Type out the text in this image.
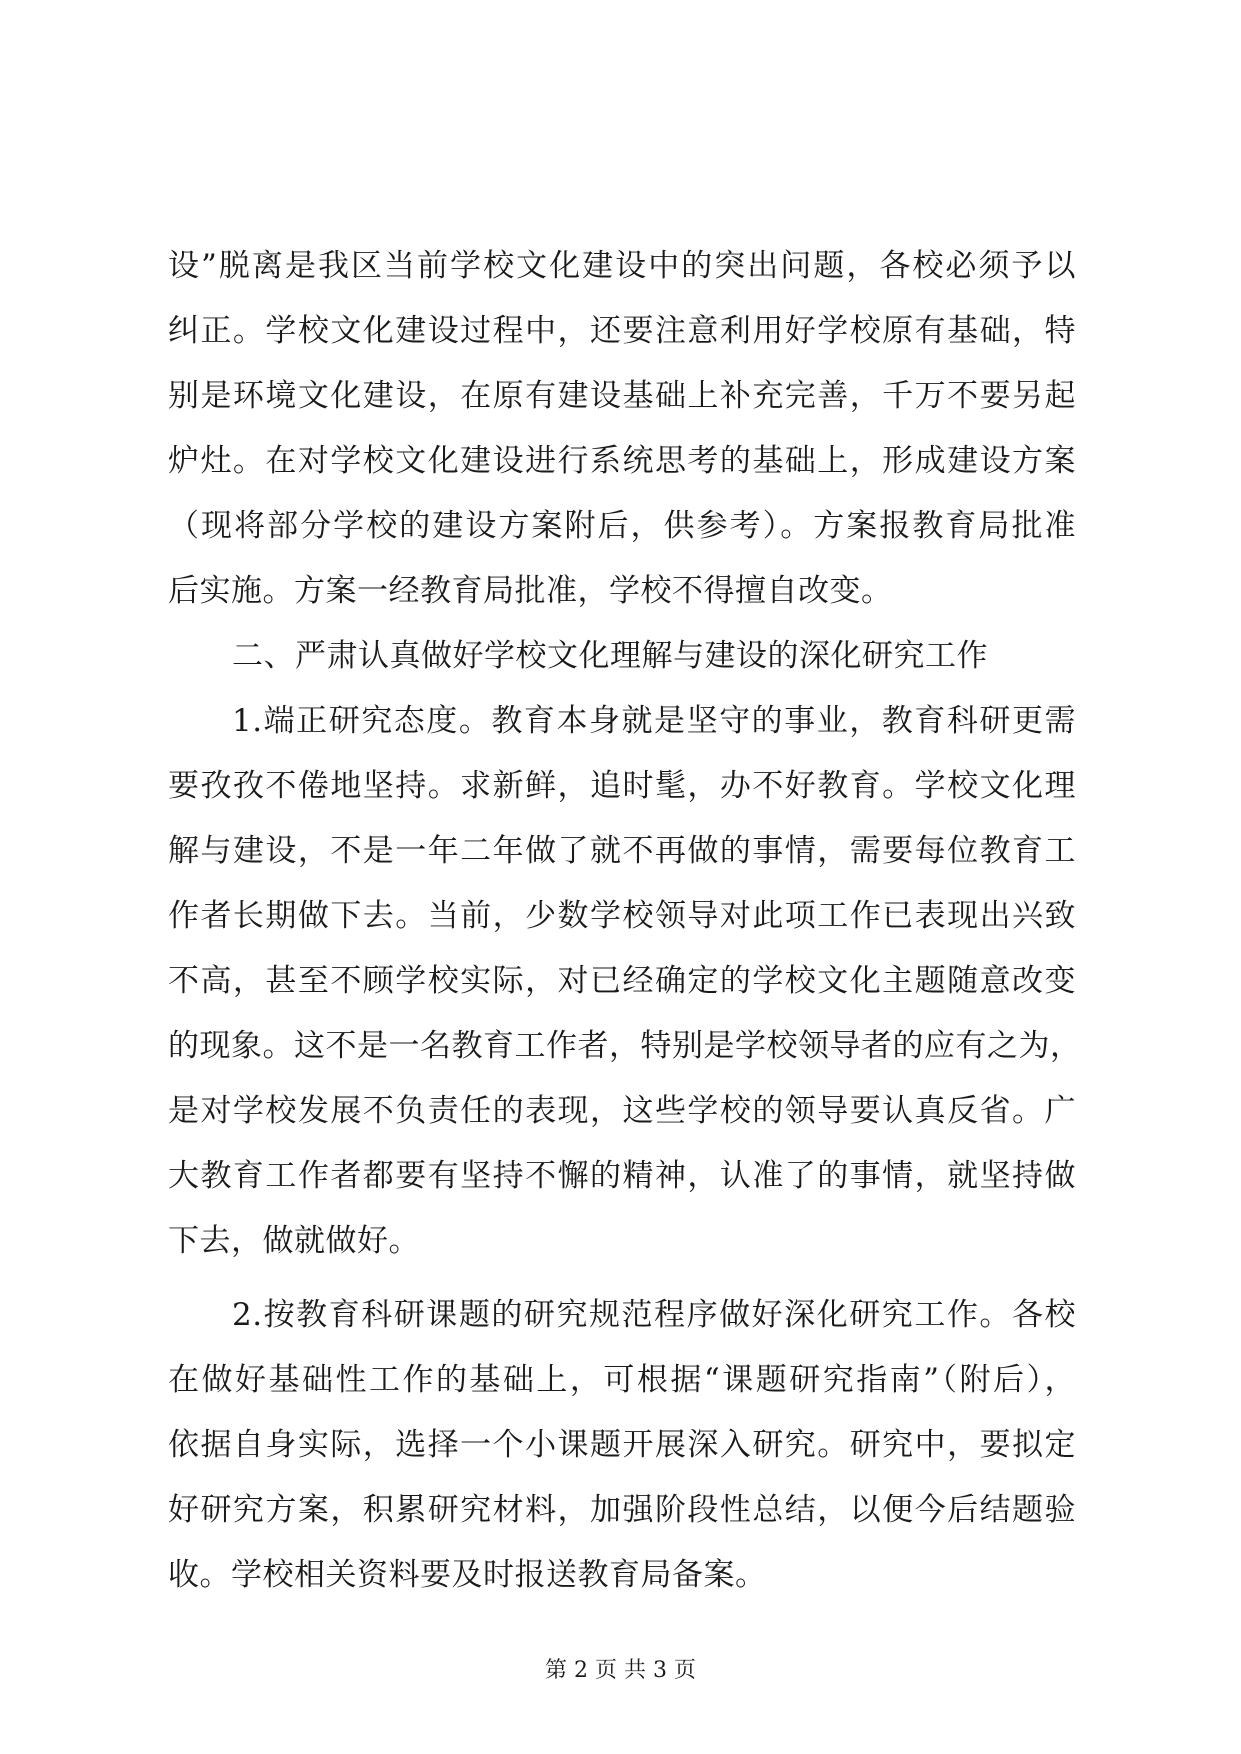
设”脱离是我区当前学校文化建设中的突出问题，各校必须予以
纠正。学校文化建设过程中，还要注意利用好学校原有基础，特
别是环境文化建设，在原有建设基础上补充完善，千万不要另起
炉灶。在对学校文化建设进行系统思考的基础上，形成建设方案
（现将部分学校的建设方案附后，供参考）。方案报教育局批准
后实施。方案一经教育局批准，学校不得擅自改变。
二、严肃认真做好学校文化理解与建设的深化研究工作
1.端正研究态度。教育本身就是坚守的事业，教育科研更需
要孜孜不倦地坚持。求新鲜，追时髦，办不好教育。学校文化理
解与建设，不是一年二年做了就不再做的事情，需要每位教育工
作者长期做下去。当前，少数学校领导对此项工作已表现出兴致
不高，甚至不顾学校实际，对已经确定的学校文化主题随意改变
的现象。这不是一名教育工作者，特别是学校领导者的应有之为，
是对学校发展不负责任的表现，这些学校的领导要认真反省。广
大教育工作者都要有坚持不懈的精神，认准了的事情，就坚持做
下去，做就做好。
2.按教育科研课题的研究规范程序做好深化研究工作。各校
在做好基础性工作的基础上，可根据“课题研究指南”（附后），
依据自身实际，选择一个小课题开展深入研究。研究中，要拟定
好研究方案，积累研究材料，加强阶段性总结，以便今后结题验
收。学校相关资料要及时报送教育局备案。
第 2 页 共 3 页
